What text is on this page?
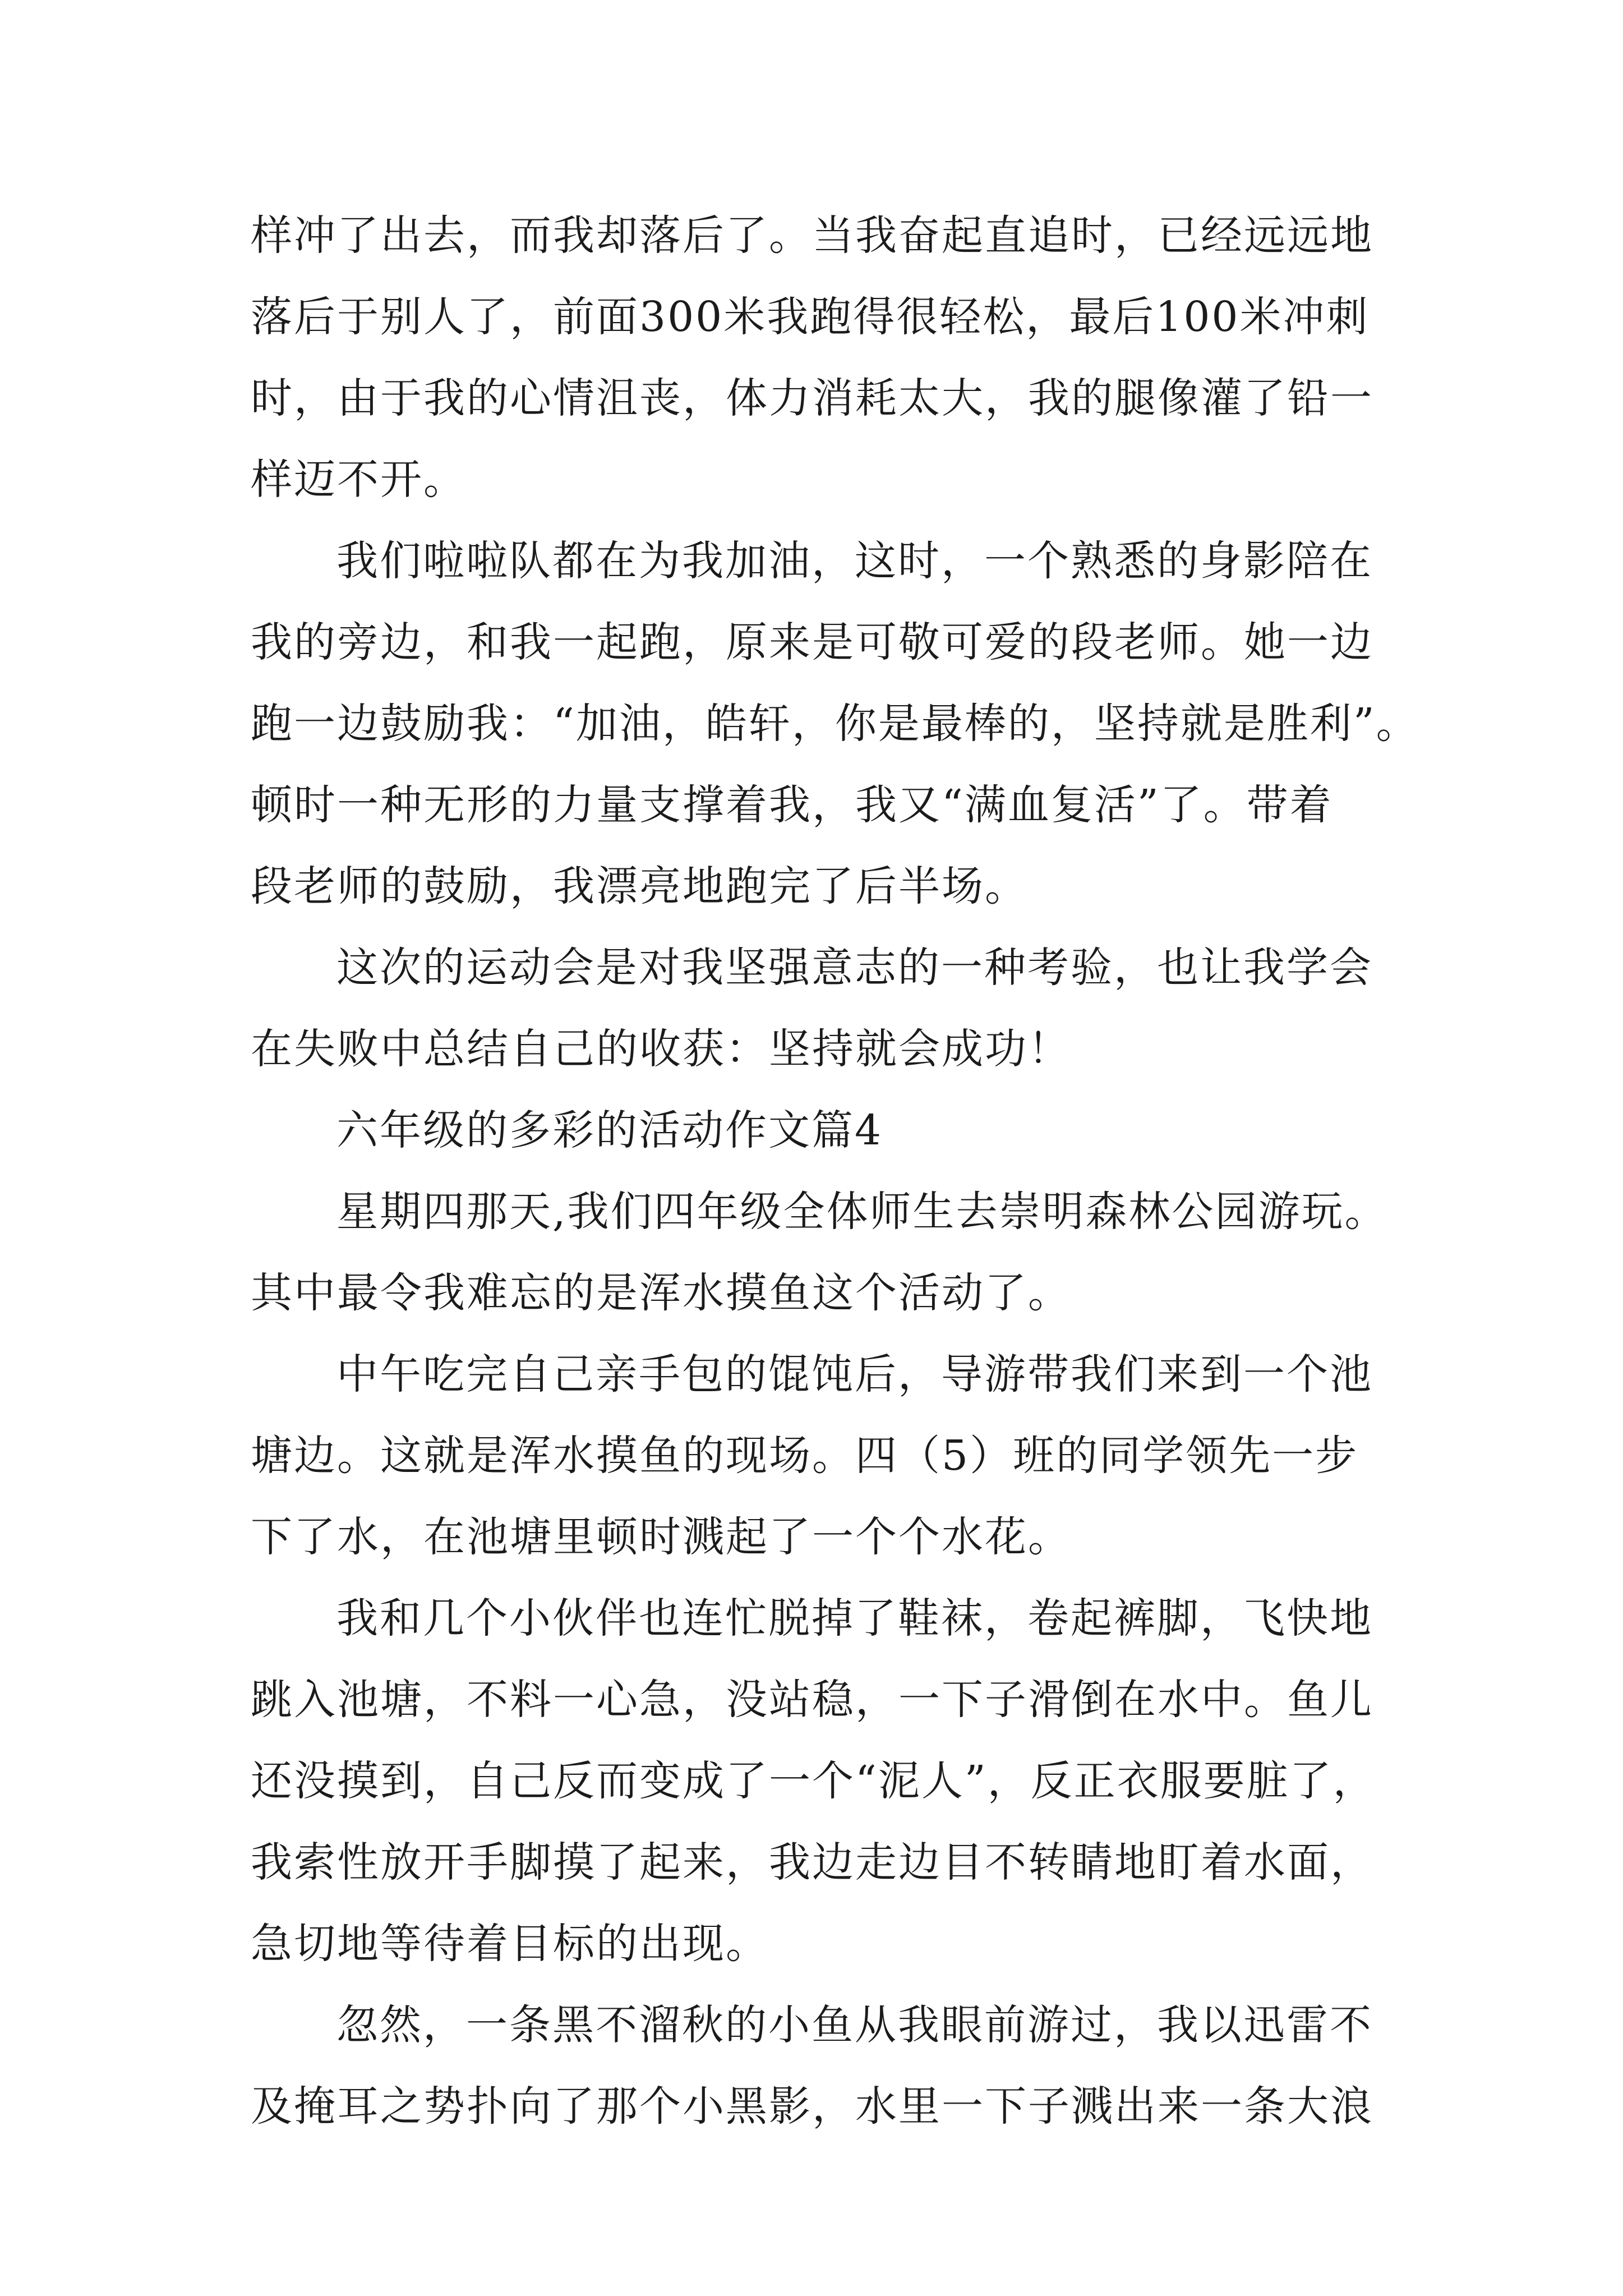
样冲了出去，而我却落后了。当我奋起直追时，已经远远地
落后于别人了，前面300米我跑得很轻松，最后100米冲刺
时，由于我的心情沮丧，体力消耗太大，我的腿像灌了铅一
样迈不开。
我们啦啦队都在为我加油，这时，一个熟悉的身影陪在
我的旁边，和我一起跑，原来是可敬可爱的段老师。她一边
跑一边鼓励我：“加油，皓轩，你是最棒的，坚持就是胜利”。
顿时一种无形的力量支撑着我，我又“满血复活”了。带着
段老师的鼓励，我漂亮地跑完了后半场。
这次的运动会是对我坚强意志的一种考验，也让我学会
在失败中总结自己的收获：坚持就会成功！
六年级的多彩的活动作文篇4
星期四那天,我们四年级全体师生去崇明森林公园游玩。
其中最令我难忘的是浑水摸鱼这个活动了。
中午吃完自己亲手包的馄饨后，导游带我们来到一个池
塘边。这就是浑水摸鱼的现场。四（5）班的同学领先一步
下了水，在池塘里顿时溅起了一个个水花。
我和几个小伙伴也连忙脱掉了鞋袜，卷起裤脚，飞快地
跳入池塘，不料一心急，没站稳，一下子滑倒在水中。鱼儿
还没摸到，自己反而变成了一个“泥人”，反正衣服要脏了，
我索性放开手脚摸了起来，我边走边目不转睛地盯着水面，
急切地等待着目标的出现。
忽然，一条黑不溜秋的小鱼从我眼前游过，我以迅雷不
及掩耳之势扑向了那个小黑影，水里一下子溅出来一条大浪
